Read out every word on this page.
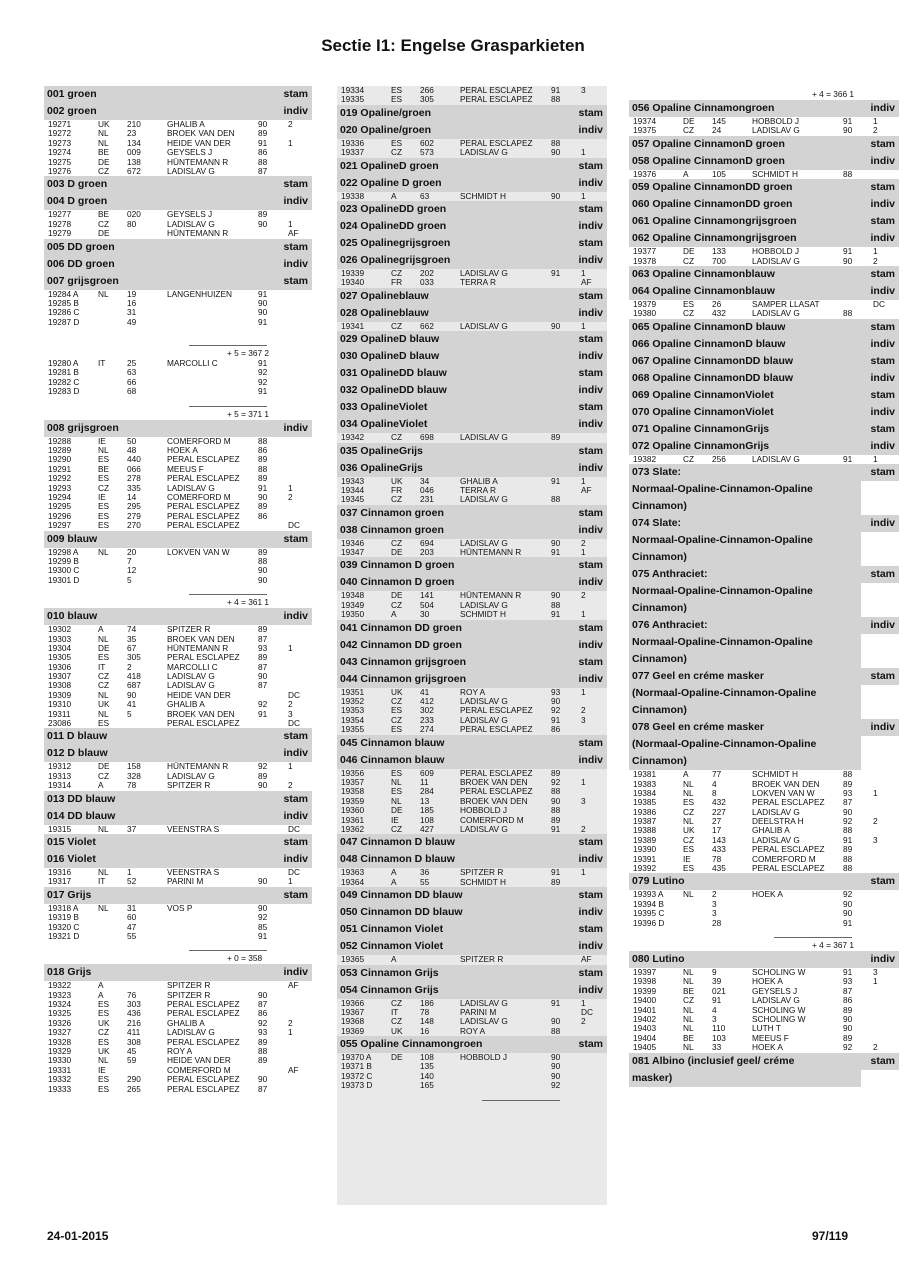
Sectie I1: Engelse Grasparkieten
001 groen	stam
002 groen	indiv
19271	UK 210	GHALIB A	90	2
19272	NL 23	BROEK VAN DEN	89
19273	NL 134	HEIDE VAN DER	91	1
19274	BE 009	GEYSELS J	86
19275	DE 138	HÜNTEMANN R	88
19276	CZ 672	LADISLAV G	87
003 D groen	stam
004 D groen	indiv
19277	BE 020	GEYSELS J	89
19278	CZ 80	LADISLAV G	90	1
19279	DE	HÜNTEMANN R	AF
005 DD groen	stam
006 DD groen	indiv
007 grijsgroen	stam
19284 A NL 19	LANGENHUIZEN	91
19285 B	16	90
19286 C	31	90
19287 D	49	91
+ 5 = 367 2
19280 A IT	25	MARCOLLI C	91
19281 B	63	92
19282 C	66	92
19283 D	68	91
+ 5 = 371 1
008 grijsgroen	indiv
19288	IE	50	COMERFORD M	88
19289	NL 48	HOEK A	86
19290	ES 440	PERAL ESCLAPEZ 89
19291	BE 066	MEEUS F	88
19292	ES 278	PERAL ESCLAPEZ 89
19293	CZ 335	LADISLAV G	91	1
19294	IE	14	COMERFORD M	90	2
19295	ES 295	PERAL ESCLAPEZ 89
19296	ES 279	PERAL ESCLAPEZ 86
19297	ES 270	PERAL ESCLAPEZ	DC
009 blauw	stam
19298 A NL 20	LOKVEN VAN W	89
19299 B	7	88
19300 C	12	90
19301 D	5	90
+ 4 = 361 1
010 blauw	indiv
19302	A	74	SPITZER R	89
19303	NL 35	BROEK VAN DEN	87
19304	DE 67	HÜNTEMANN R	93	1
19305	ES 305	PERAL ESCLAPEZ 89
19306	IT	2	MARCOLLI C	87
19307	CZ 418	LADISLAV G	90
19308	CZ 687	LADISLAV G	87
19309	NL 90	HEIDE VAN DER	DC
19310	UK 41	GHALIB A	92	2
19311	NL 5	BROEK VAN DEN	91	3
23086	ES	PERAL ESCLAPEZ	DC
011 D blauw	stam
012 D blauw	indiv
19312	DE 158	HÜNTEMANN R	92	1
19313	CZ 328	LADISLAV G	89
19314	A	78	SPITZER R	90	2
013 DD blauw	stam
014 DD blauw	indiv
19315	NL 37	VEENSTRA S	DC
015 Violet	stam
016 Violet	indiv
19316	NL 1	VEENSTRA S	DC
19317	IT	52	PARINI M	90	1
017 Grijs	stam
19318 A NL 31	VOS P	90
19319 B	60	92
19320 C	47	85
19321 D	55	91
+ 0 = 358
018 Grijs	indiv
19322	A	SPITZER R	AF
19323	A	76	SPITZER R	90
19324	ES 303	PERAL ESCLAPEZ 87
19325	ES 436	PERAL ESCLAPEZ 86
19326	UK 216	GHALIB A	92	2
19327	CZ 411	LADISLAV G	93	1
19328	ES 308	PERAL ESCLAPEZ 89
19329	UK 45	ROY A	88
19330	NL 59	HEIDE VAN DER	89
19331	IE	COMERFORD M	AF
19332	ES 290	PERAL ESCLAPEZ 90
19333	ES 265	PERAL ESCLAPEZ 87
19334	ES 266	PERAL ESCLAPEZ 91	3
19335	ES 305	PERAL ESCLAPEZ 88
019 Opaline/groen	stam
020 Opaline/groen	indiv
19336	ES 602	PERAL ESCLAPEZ 88
19337	CZ 573	LADISLAV G	90	1
021 OpalineD groen	stam
022 Opaline D groen	indiv
19338	A	63	SCHMIDT H	90	1
023 OpalineDD groen	stam
024 OpalineDD groen	indiv
025 Opalinegrijsgroen	stam
026 Opalinegrijsgroen	indiv
19339	CZ 202	LADISLAV G	91	1
19340	FR 033	TERRA R	AF
027 Opalineblauw	stam
028 Opalineblauw	indiv
19341	CZ 662	LADISLAV G	90	1
029 OpalineD blauw	stam
030 OpalineD blauw	indiv
031 OpalineDD blauw	stam
032 OpalineDD blauw	indiv
033 OpalineViolet	stam
034 OpalineViolet	indiv
19342	CZ 698	LADISLAV G	89
035 OpalineGrijs	stam
036 OpalineGrijs	indiv
19343	UK 34	GHALIB A	91	1
19344	FR 046	TERRA R	AF
19345	CZ 231	LADISLAV G	88
037 Cinnamon groen	stam
038 Cinnamon groen	indiv
19346	CZ 694	LADISLAV G	90	2
19347	DE 203	HÜNTEMANN R	91	1
039 Cinnamon D groen	stam
040 Cinnamon D groen	indiv
19348	DE 141	HÜNTEMANN R	90	2
19349	CZ 504	LADISLAV G	88
19350	A	30	SCHMIDT H	91	1
041 Cinnamon DD groen	stam
042 Cinnamon DD groen	indiv
043 Cinnamon grijsgroen	stam
044 Cinnamon grijsgroen	indiv
19351	UK 41	ROY A	93	1
19352	CZ 412	LADISLAV G	90
19353	ES 302	PERAL ESCLAPEZ 92	2
19354	CZ 233	LADISLAV G	91	3
19355	ES 274	PERAL ESCLAPEZ 86
045 Cinnamon blauw	stam
046 Cinnamon blauw	indiv
19356	ES 609	PERAL ESCLAPEZ 89
19357	NL 11	BROEK VAN DEN	92	1
19358	ES 284	PERAL ESCLAPEZ 88
19359	NL 13	BROEK VAN DEN	90	3
19360	DE 185	HOBBOLD J	88
19361	IE	108	COMERFORD M	89
19362	CZ 427	LADISLAV G	91	2
047 Cinnamon D blauw	stam
048 Cinnamon D blauw	indiv
19363	A	36	SPITZER R	91	1
19364	A	55	SCHMIDT H	89
049 Cinnamon DD blauw	stam
050 Cinnamon DD blauw	indiv
051 Cinnamon Violet	stam
052 Cinnamon Violet	indiv
19365	A	SPITZER R	AF
053 Cinnamon Grijs	stam
054 Cinnamon Grijs	indiv
19366	CZ 186	LADISLAV G	91	1
19367	IT	78	PARINI M	DC
19368	CZ 148	LADISLAV G	90	2
19369	UK 16	ROY A	88
055 Opaline Cinnamongroen	stam
19370 A DE 108	HOBBOLD J	90
19371 B	135	90
19372 C	140	90
19373 D	165	92
+ 4 = 366 1
056 Opaline Cinnamongroen	indiv
19374	DE 145	HOBBOLD J	91	1
19375	CZ 24	LADISLAV G	90	2
057 Opaline CinnamonD groen	stam
058 Opaline CinnamonD groen	indiv
19376	A	105	SCHMIDT H	88
059 Opaline CinnamonDD groen	stam
060 Opaline CinnamonDD groen	indiv
061 Opaline Cinnamongrijsgroen	stam
062 Opaline Cinnamongrijsgroen	indiv
19377	DE 133	HOBBOLD J	91	1
19378	CZ 700	LADISLAV G	90	2
063 Opaline Cinnamonblauw	stam
064 Opaline Cinnamonblauw	indiv
19379	ES 26	SAMPER LLASAT	DC
19380	CZ 432	LADISLAV G	88
065 Opaline CinnamonD blauw	stam
066 Opaline CinnamonD blauw	indiv
067 Opaline CinnamonDD blauw	stam
068 Opaline CinnamonDD blauw	indiv
069 Opaline CinnamonViolet	stam
070 Opaline CinnamonViolet	indiv
071 Opaline CinnamonGrijs	stam
072 Opaline CinnamonGrijs	indiv
19382	CZ 256	LADISLAV G	91	1
073 Slate:	stam
Normaal-Opaline-Cinnamon-Opaline
Cinnamon)
074 Slate:	indiv
Normaal-Opaline-Cinnamon-Opaline
Cinnamon)
075 Anthraciet:	stam
Normaal-Opaline-Cinnamon-Opaline
Cinnamon)
076 Anthraciet:	indiv
Normaal-Opaline-Cinnamon-Opaline
Cinnamon)
077 Geel en créme masker	stam
(Normaal-Opaline-Cinnamon-Opaline
Cinnamon)
078 Geel en créme masker	indiv
(Normaal-Opaline-Cinnamon-Opaline
Cinnamon)
19381	A	77	SCHMIDT H	88
19383	NL 4	BROEK VAN DEN	89
19384	NL 8	LOKVEN VAN W	93	1
19385	ES 432	PERAL ESCLAPEZ 87
19386	CZ 227	LADISLAV G	90
19387	NL 27	DEELSTRA H	92	2
19388	UK 17	GHALIB A	88
19389	CZ 143	LADISLAV G	91	3
19390	ES 433	PERAL ESCLAPEZ 89
19391	IE	78	COMERFORD M	88
19392	ES 435	PERAL ESCLAPEZ 88
079 Lutino	stam
19393 A NL 2	HOEK A	92
19394 B	3	90
19395 C	3	90
19396 D	28	91
+ 4 = 367 1
080 Lutino	indiv
19397	NL 9	SCHOLING W	91	3
19398	NL 39	HOEK A	93	1
19399	BE 021	GEYSELS J	87
19400	CZ 91	LADISLAV G	86
19401	NL 4	SCHOLING W	89
19402	NL 3	SCHOLING W	90
19403	NL 110	LUTH T	90
19404	BE 103	MEEUS F	89
19405	NL 33	HOEK A	92	2
081 Albino (inclusief geel/ créme	stam
masker)
24-01-2015	97/119
